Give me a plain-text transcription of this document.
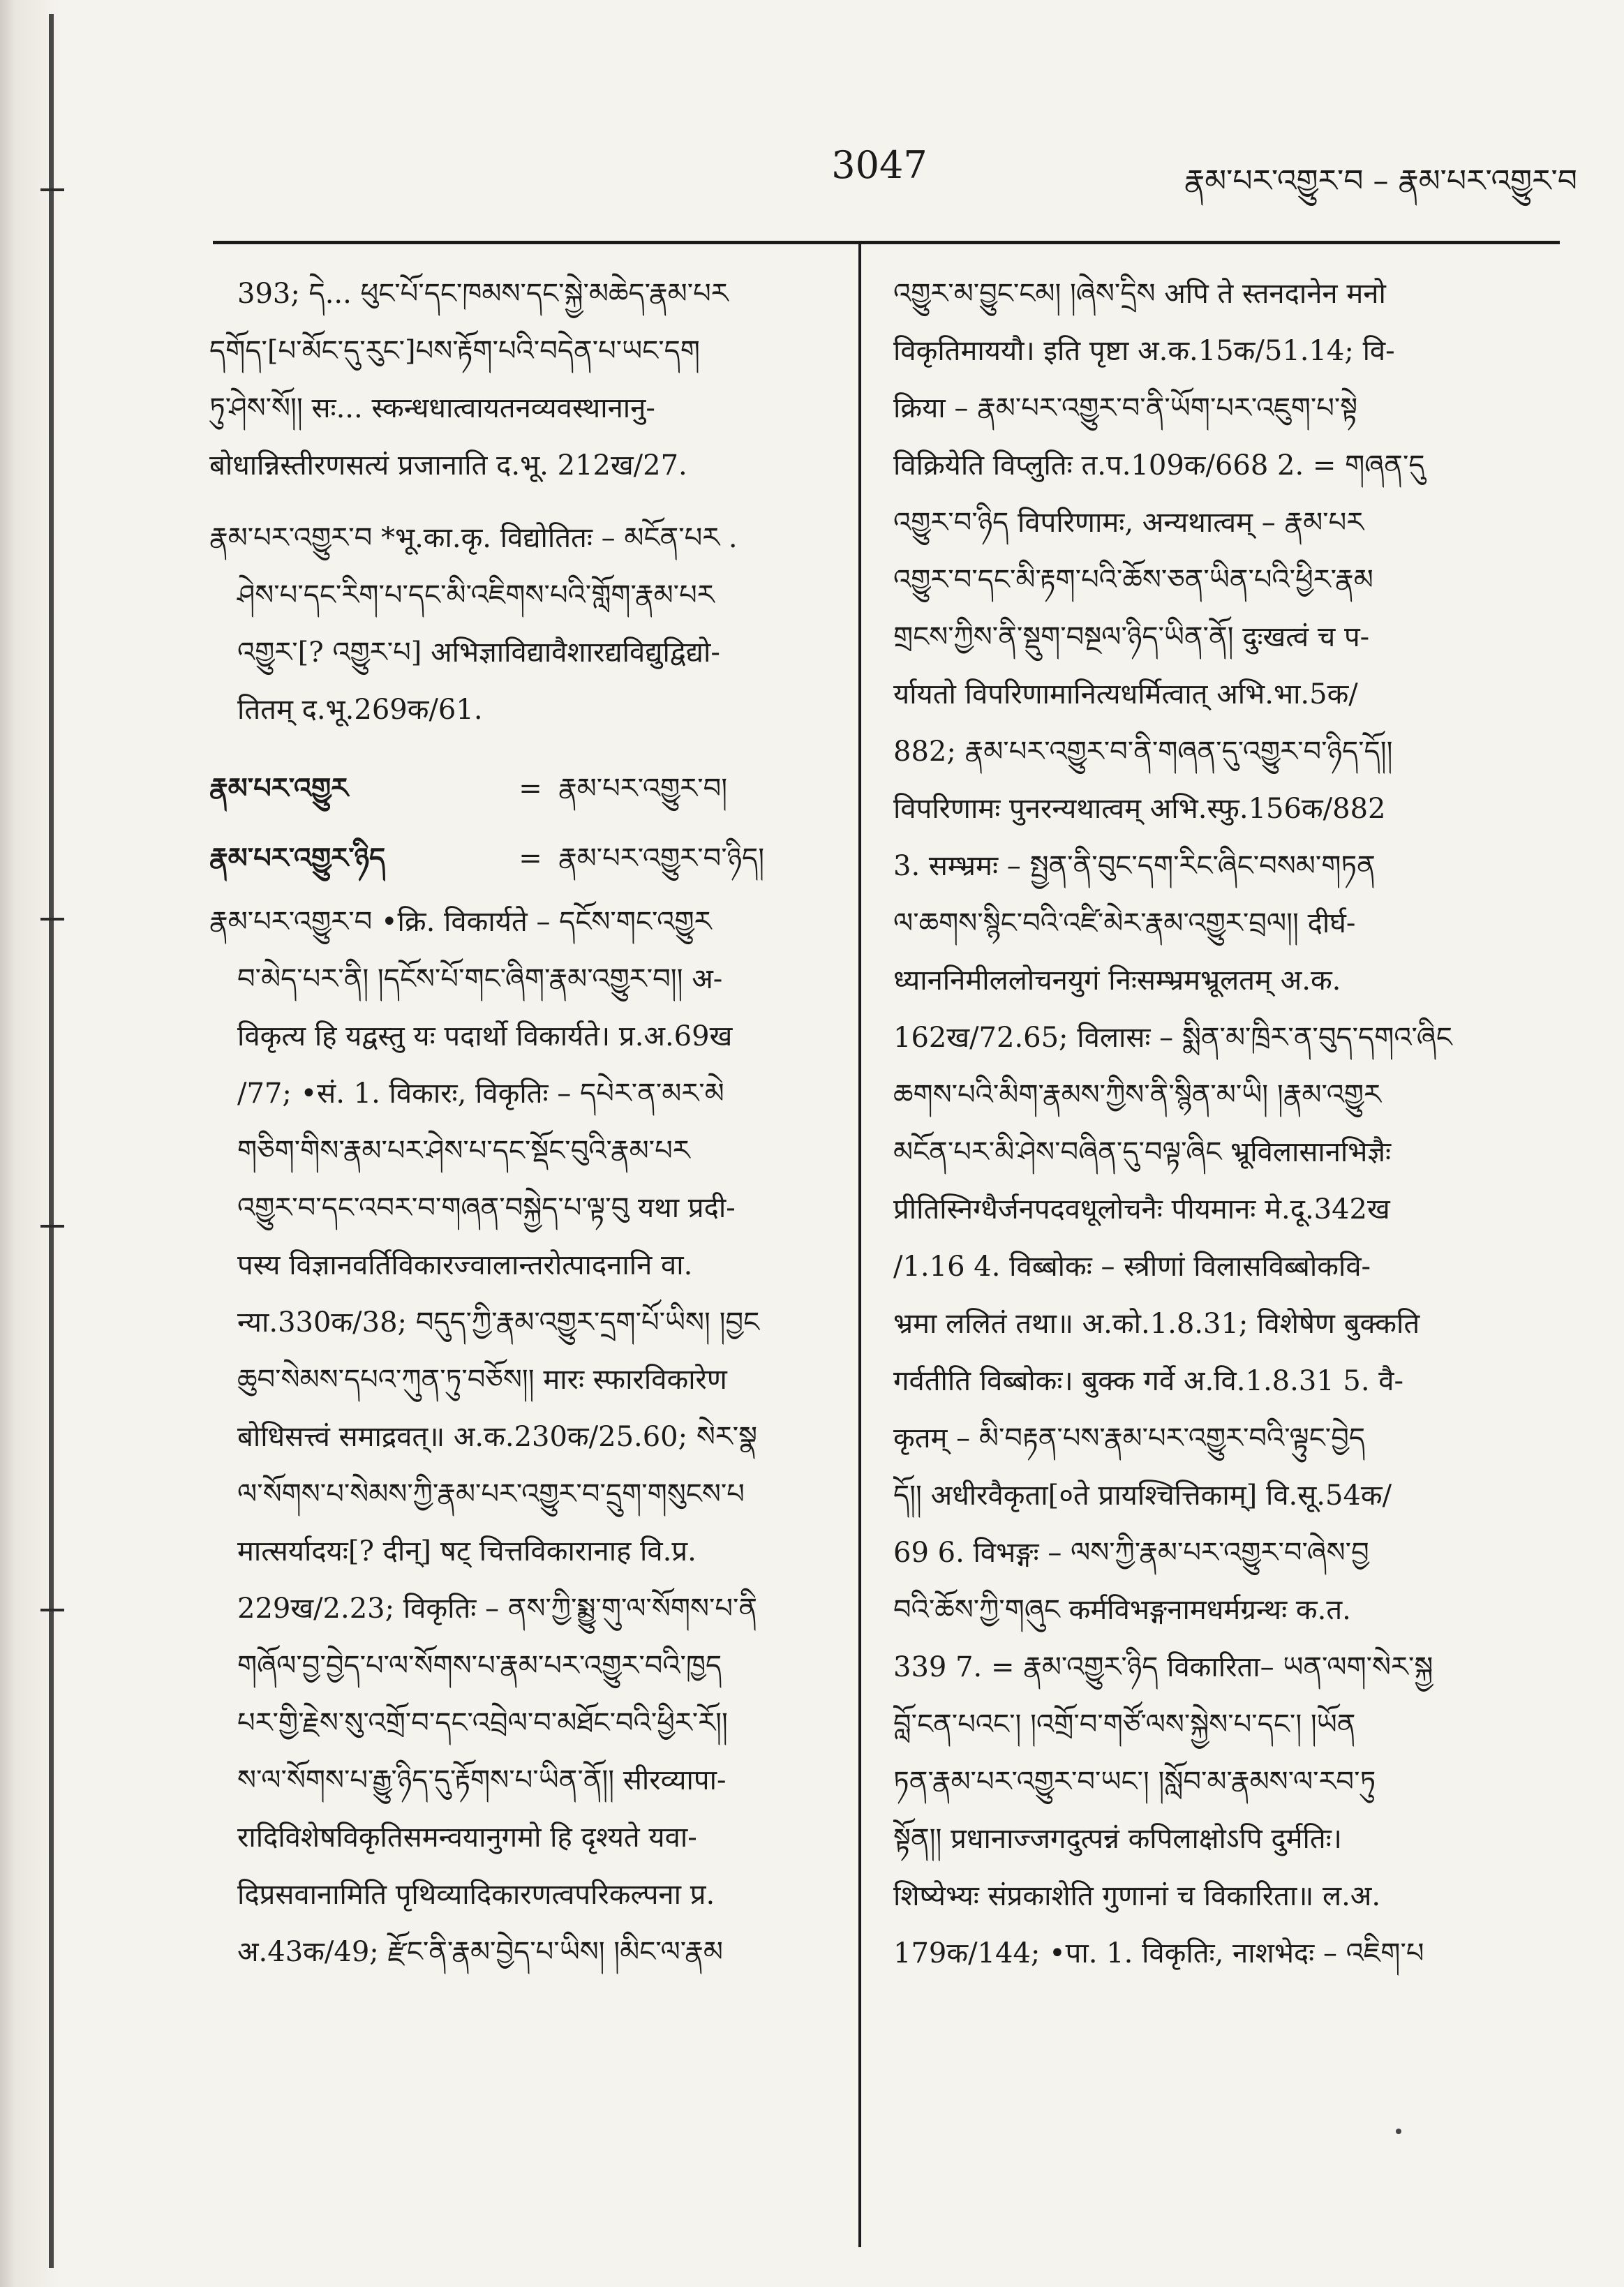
3047	རྣམ་པར་འགྱུར་བ – རྣམ་པར་འགྱུར་བ
393; དེ... ཕུང་པོ་དང་ཁམས་དང་སྐྱེ་མཆེད་རྣམ་པར
དགོད་[པ་མོང་དུ་རུང་]པས་རྟོག་པའི་བདེན་པ་ཡང་དག
ཏུ་ཤེས་སོ།། सः... स्कन्धधात्वायतनव्यवस्थानानु-
बोधान्निस्तीरणसत्यं प्रजानाति द.भू. 212ख/27.
རྣམ་པར་འགྱུར་བ *भू.का.कृ. विद्योतितः – མངོན་པར .
ཤེས་པ་དང་རིག་པ་དང་མི་འཇིགས་པའི་གློག་རྣམ་པར
འགྱུར་[? འགྱུར་པ] अभिज्ञाविद्यावैशारद्यविद्युद्विद्यो-
तितम् द.भू.269क/61.
རྣམ་པར་འགྱུར	= རྣམ་པར་འགྱུར་བ།
རྣམ་པར་འགྱུར་ཉིད	= རྣམ་པར་འགྱུར་བ་ཉིད།
རྣམ་པར་འགྱུར་བ •क्रि. विकार्यते – དངོས་གང་འགྱུར
བ་མེད་པར་ནི། །དངོས་པོ་གང་ཞིག་རྣམ་འགྱུར་བ།། अ-
विकृत्य हि यद्वस्तु यः पदार्थो विकार्यते। प्र.अ.69ख
/77; •सं. 1. विकारः, विकृतिः – དཔེར་ན་མར་མེ
གཅིག་གིས་རྣམ་པར་ཤེས་པ་དང་སྡོང་བུའི་རྣམ་པར
འགྱུར་བ་དང་འབར་བ་གཞན་བསྐྱེད་པ་ལྟ་བུ यथा प्रदी-
पस्य विज्ञानवर्तिविकारज्वालान्तरोत्पादनानि वा.
न्या.330क/38; བདུད་ཀྱི་རྣམ་འགྱུར་དྲག་པོ་ཡིས། །བྱང
ཆུབ་སེམས་དཔའ་ཀུན་ཏུ་བཅོས།། मारः स्फारविकारेण
बोधिसत्त्वं समाद्रवत्॥ अ.क.230क/25.60; སེར་སྣ
ལ་སོགས་པ་སེམས་ཀྱི་རྣམ་པར་འགྱུར་བ་དྲུག་གསུངས་པ
मात्सर्यादयः[? दीन्] षट् चित्तविकारानाह वि.प्र.
229ख/2.23; विकृतिः – ནས་ཀྱི་སྨྱུ་གུ་ལ་སོགས་པ་ནི
གཞོལ་བྱ་བྱེད་པ་ལ་སོགས་པ་རྣམ་པར་འགྱུར་བའི་ཁྱད
པར་གྱི་རྗེས་སུ་འགྲོ་བ་དང་འབྲེལ་བ་མཐོང་བའི་ཕྱིར་རོ།།
ས་ལ་སོགས་པ་རྒྱུ་ཉིད་དུ་རྟོགས་པ་ཡིན་ནོ།། सीरव्यापा-
रादिविशेषविकृतिसमन्वयानुगमो हि दृश्यते यवा-
दिप्रसवानामिति पृथिव्यादिकारणत्वपरिकल्पना प्र.
अ.43क/49; རྫོང་ནི་རྣམ་བྱེད་པ་ཡིས། །མིང་ལ་རྣམ
འགྱུར་མ་བྱུང་ངམ། །ཞེས་དྲིས अपि ते स्तनदानेन मनो
विकृतिमाययौ। इति पृष्टा अ.क.15क/51.14; वि-
क्रिया – རྣམ་པར་འགྱུར་བ་ནི་ཡོག་པར་འཇུག་པ་སྟེ
विक्रियेति विप्लुतिः त.प.109क/668 2. = གཞན་དུ
འགྱུར་བ་ཉིད विपरिणामः, अन्यथात्वम् – རྣམ་པར
འགྱུར་བ་དང་མི་རྟག་པའི་ཆོས་ཅན་ཡིན་པའི་ཕྱིར་རྣམ
གྲངས་ཀྱིས་ནི་སྡུག་བསྔལ་ཉིད་ཡིན་ནོ། दुःखत्वं च प-
र्यायतो विपरिणामानित्यधर्मित्वात् अभि.भा.5क/
882; རྣམ་པར་འགྱུར་བ་ནི་གཞན་དུ་འགྱུར་བ་ཉིད་དོ།།
विपरिणामः पुनरन्यथात्वम् अभि.स्फु.156क/882
3. सम्भ्रमः – སྤྱན་ནི་བུང་དག་རིང་ཞིང་བསམ་གཏན
ལ་ཆགས་སྙིང་བའི་འཛི་མེར་རྣམ་འགྱུར་བྲལ།། दीर्घ-
ध्याननिमीललोचनयुगं निःसम्भ्रमभ्रूलतम् अ.क.
162ख/72.65; विलासः – སྨིན་མ་ཁྲིར་ན་བུད་དགའ་ཞིང
ཆགས་པའི་མིག་རྣམས་ཀྱིས་ནི་སྙིན་མ་ཡི། །རྣམ་འགྱུར
མངོན་པར་མི་ཤེས་བཞིན་དུ་བལྟ་ཞིང भ्रूविलासानभिज्ञैः
प्रीतिस्निग्धैर्जनपदवधूलोचनैः पीयमानः मे.दू.342ख
/1.16 4. विब्बोकः – स्त्रीणां विलासविब्बोकवि-
भ्रमा ललितं तथा॥ अ.को.1.8.31; विशेषेण बुक्कति
गर्वतीति विब्बोकः। बुक्क गर्वे अ.वि.1.8.31 5. वै-
कृतम् – མི་བརྟན་པས་རྣམ་པར་འགྱུར་བའི་ལྟུང་བྱེད
དོ།། अधीरवैकृता[०ते प्रायश्चित्तिकाम्] वि.सू.54क/
69 6. विभङ्गः – ལས་ཀྱི་རྣམ་པར་འགྱུར་བ་ཞེས་བྱ
བའི་ཆོས་ཀྱི་གཞུང कर्मविभङ्गनामधर्मग्रन्थः क.त.
339 7. = རྣམ་འགྱུར་ཉིད विकारिता– ཡན་ལག་སེར་སྐྱ
བློ་ངན་པའང་། །འགྲོ་བ་གཙོ་ལས་སྐྱེས་པ་དང་། །ཡོན
ཏན་རྣམ་པར་འགྱུར་བ་ཡང་། །སློབ་མ་རྣམས་ལ་རབ་ཏུ
སྟོན།། प्रधानाज्जगदुत्पन्नं कपिलाक्षोऽपि दुर्मतिः।
शिष्येभ्यः संप्रकाशेति गुणानां च विकारिता॥ ल.अ.
179क/144; •पा. 1. विकृतिः, नाशभेदः – འཇིག་པ
